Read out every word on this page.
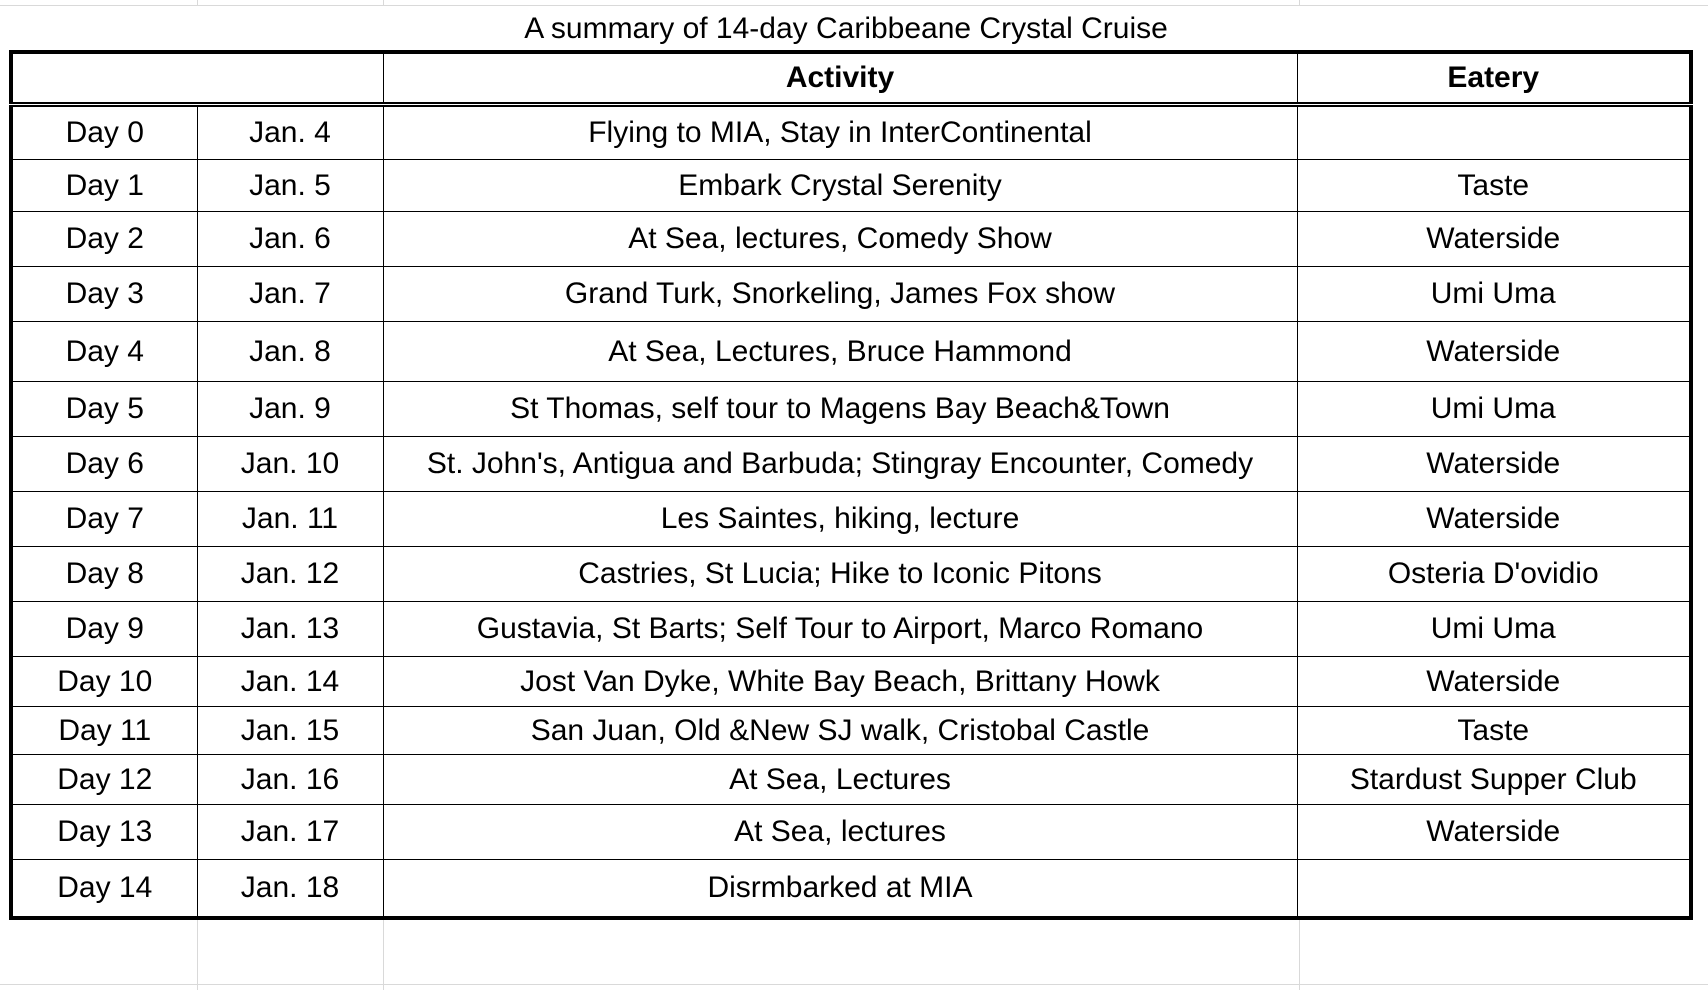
A summary of 14-day Caribbeane Crystal Cruise
		Activity	Eatery
Day 0	Jan. 4	Flying to MIA, Stay in InterContinental	
Day 1	Jan. 5	Embark Crystal Serenity	Taste
Day 2	Jan. 6	At Sea, lectures, Comedy Show	Waterside
Day 3	Jan. 7	Grand Turk, Snorkeling, James Fox show	Umi Uma
Day 4	Jan. 8	At Sea, Lectures, Bruce Hammond	Waterside
Day 5	Jan. 9	St Thomas, self tour to Magens Bay Beach&Town	Umi Uma
Day 6	Jan. 10	St. John's, Antigua and Barbuda; Stingray Encounter, Comedy	Waterside
Day 7	Jan. 11	Les Saintes, hiking, lecture	Waterside
Day 8	Jan. 12	Castries, St Lucia; Hike to Iconic Pitons	Osteria D'ovidio
Day 9	Jan. 13	Gustavia, St Barts; Self Tour to Airport, Marco Romano	Umi Uma
Day 10	Jan. 14	Jost Van Dyke, White Bay Beach, Brittany Howk	Waterside
Day 11	Jan. 15	San Juan, Old &New SJ walk, Cristobal Castle	Taste
Day 12	Jan. 16	At Sea, Lectures	Stardust Supper Club
Day 13	Jan. 17	At Sea, lectures	Waterside
Day 14	Jan. 18	Disrmbarked at MIA	
